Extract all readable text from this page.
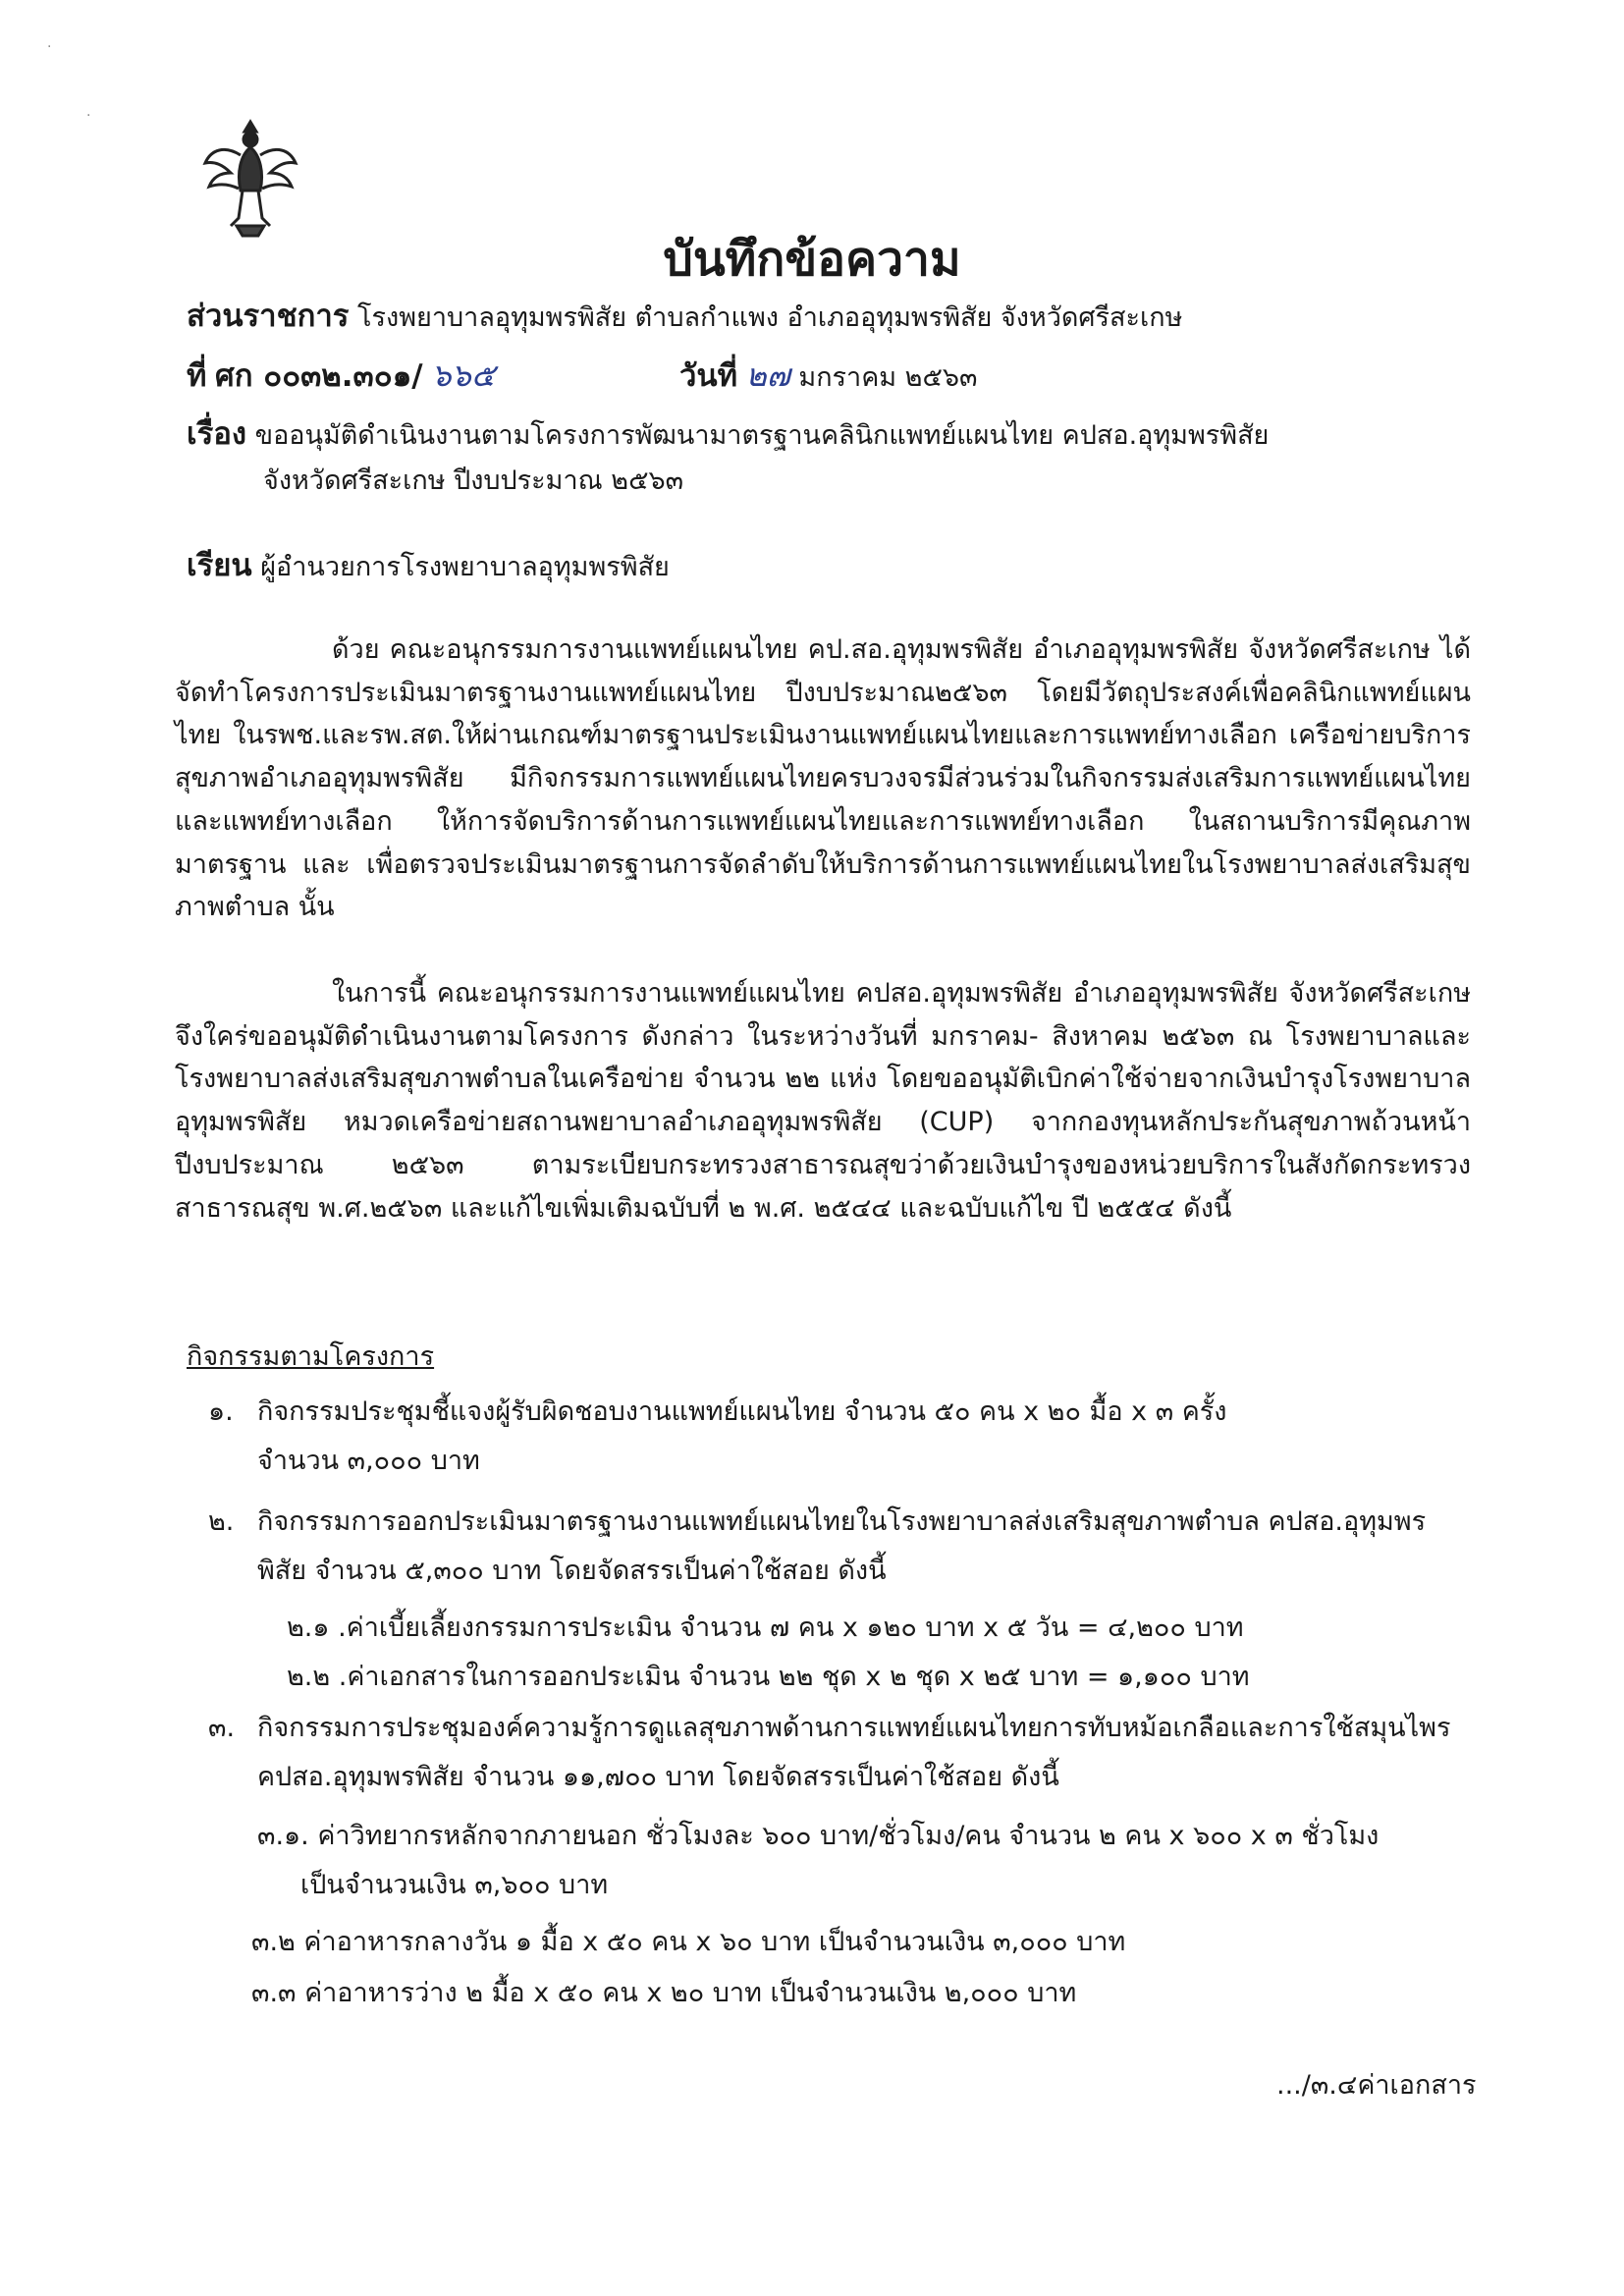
·
·
บันทึกข้อความ
ส่วนราชการ โรงพยาบาลอุทุมพรพิสัย ตำบลกำแพง อำเภออุทุมพรพิสัย จังหวัดศรีสะเกษ
ที่ ศก ๐๐๓๒.๓๐๑/ ๖๖๕	วันที่ ๒๗ มกราคม ๒๕๖๓
เรื่อง ขออนุมัติดำเนินงานตามโครงการพัฒนามาตรฐานคลินิกแพทย์แผนไทย คปสอ.อุทุมพรพิสัย
จังหวัดศรีสะเกษ ปีงบประมาณ ๒๕๖๓
เรียน ผู้อำนวยการโรงพยาบาลอุทุมพรพิสัย

ด้วย คณะอนุกรรมการงานแพทย์แผนไทย คป.สอ.อุทุมพรพิสัย อำเภออุทุมพรพิสัย จังหวัดศรีสะเกษ ได้จัดทำโครงการประเมินมาตรฐานงานแพทย์แผนไทย ปีงบประมาณ๒๕๖๓ โดยมีวัตถุประสงค์เพื่อคลินิกแพทย์แผนไทย ในรพช.และรพ.สต.ให้ผ่านเกณฑ์มาตรฐานประเมินงานแพทย์แผนไทยและการแพทย์ทางเลือก เครือข่ายบริการสุขภาพอำเภออุทุมพรพิสัย มีกิจกรรมการแพทย์แผนไทยครบวงจรมีส่วนร่วมในกิจกรรมส่งเสริมการแพทย์แผนไทยและแพทย์ทางเลือก ให้การจัดบริการด้านการแพทย์แผนไทยและการแพทย์ทางเลือก ในสถานบริการมีคุณภาพมาตรฐาน และ เพื่อตรวจประเมินมาตรฐานการจัดลำดับให้บริการด้านการแพทย์แผนไทยในโรงพยาบาลส่งเสริมสุขภาพตำบล นั้น

ในการนี้ คณะอนุกรรมการงานแพทย์แผนไทย คปสอ.อุทุมพรพิสัย อำเภออุทุมพรพิสัย จังหวัดศรีสะเกษ จึงใคร่ขออนุมัติดำเนินงานตามโครงการ ดังกล่าว ในระหว่างวันที่ มกราคม- สิงหาคม ๒๕๖๓ ณ โรงพยาบาลและโรงพยาบาลส่งเสริมสุขภาพตำบลในเครือข่าย จำนวน ๒๒ แห่ง โดยขออนุมัติเบิกค่าใช้จ่ายจากเงินบำรุงโรงพยาบาลอุทุมพรพิสัย หมวดเครือข่ายสถานพยาบาลอำเภออุทุมพรพิสัย (CUP) จากกองทุนหลักประกันสุขภาพถ้วนหน้า ปีงบประมาณ ๒๕๖๓ ตามระเบียบกระทรวงสาธารณสุขว่าด้วยเงินบำรุงของหน่วยบริการในสังกัดกระทรวงสาธารณสุข พ.ศ.๒๕๖๓ และแก้ไขเพิ่มเติมฉบับที่ ๒ พ.ศ. ๒๕๔๔ และฉบับแก้ไข ปี ๒๕๕๔ ดังนี้

กิจกรรมตามโครงการ
๑. กิจกรรมประชุมชี้แจงผู้รับผิดชอบงานแพทย์แผนไทย จำนวน ๕๐ คน x ๒๐ มื้อ x ๓ ครั้ง
จำนวน ๓,๐๐๐ บาท
๒. กิจกรรมการออกประเมินมาตรฐานงานแพทย์แผนไทยในโรงพยาบาลส่งเสริมสุขภาพตำบล คปสอ.อุทุมพร
พิสัย จำนวน ๕,๓๐๐ บาท โดยจัดสรรเป็นค่าใช้สอย ดังนี้
๒.๑ .ค่าเบี้ยเลี้ยงกรรมการประเมิน จำนวน ๗ คน x ๑๒๐ บาท x ๕ วัน = ๔,๒๐๐ บาท
๒.๒ .ค่าเอกสารในการออกประเมิน จำนวน ๒๒ ชุด x ๒ ชุด x ๒๕ บาท = ๑,๑๐๐ บาท
๓. กิจกรรมการประชุมองค์ความรู้การดูแลสุขภาพด้านการแพทย์แผนไทยการทับหม้อเกลือและการใช้สมุนไพร
คปสอ.อุทุมพรพิสัย จำนวน ๑๑,๗๐๐ บาท โดยจัดสรรเป็นค่าใช้สอย ดังนี้
๓.๑. ค่าวิทยากรหลักจากภายนอก ชั่วโมงละ ๖๐๐ บาท/ชั่วโมง/คน จำนวน ๒ คน x ๖๐๐ x ๓ ชั่วโมง
เป็นจำนวนเงิน ๓,๖๐๐ บาท
๓.๒ ค่าอาหารกลางวัน ๑ มื้อ x ๕๐ คน x ๖๐ บาท เป็นจำนวนเงิน ๓,๐๐๐ บาท
๓.๓ ค่าอาหารว่าง ๒ มื้อ x ๕๐ คน x ๒๐ บาท เป็นจำนวนเงิน ๒,๐๐๐ บาท
.../๓.๔ค่าเอกสาร
